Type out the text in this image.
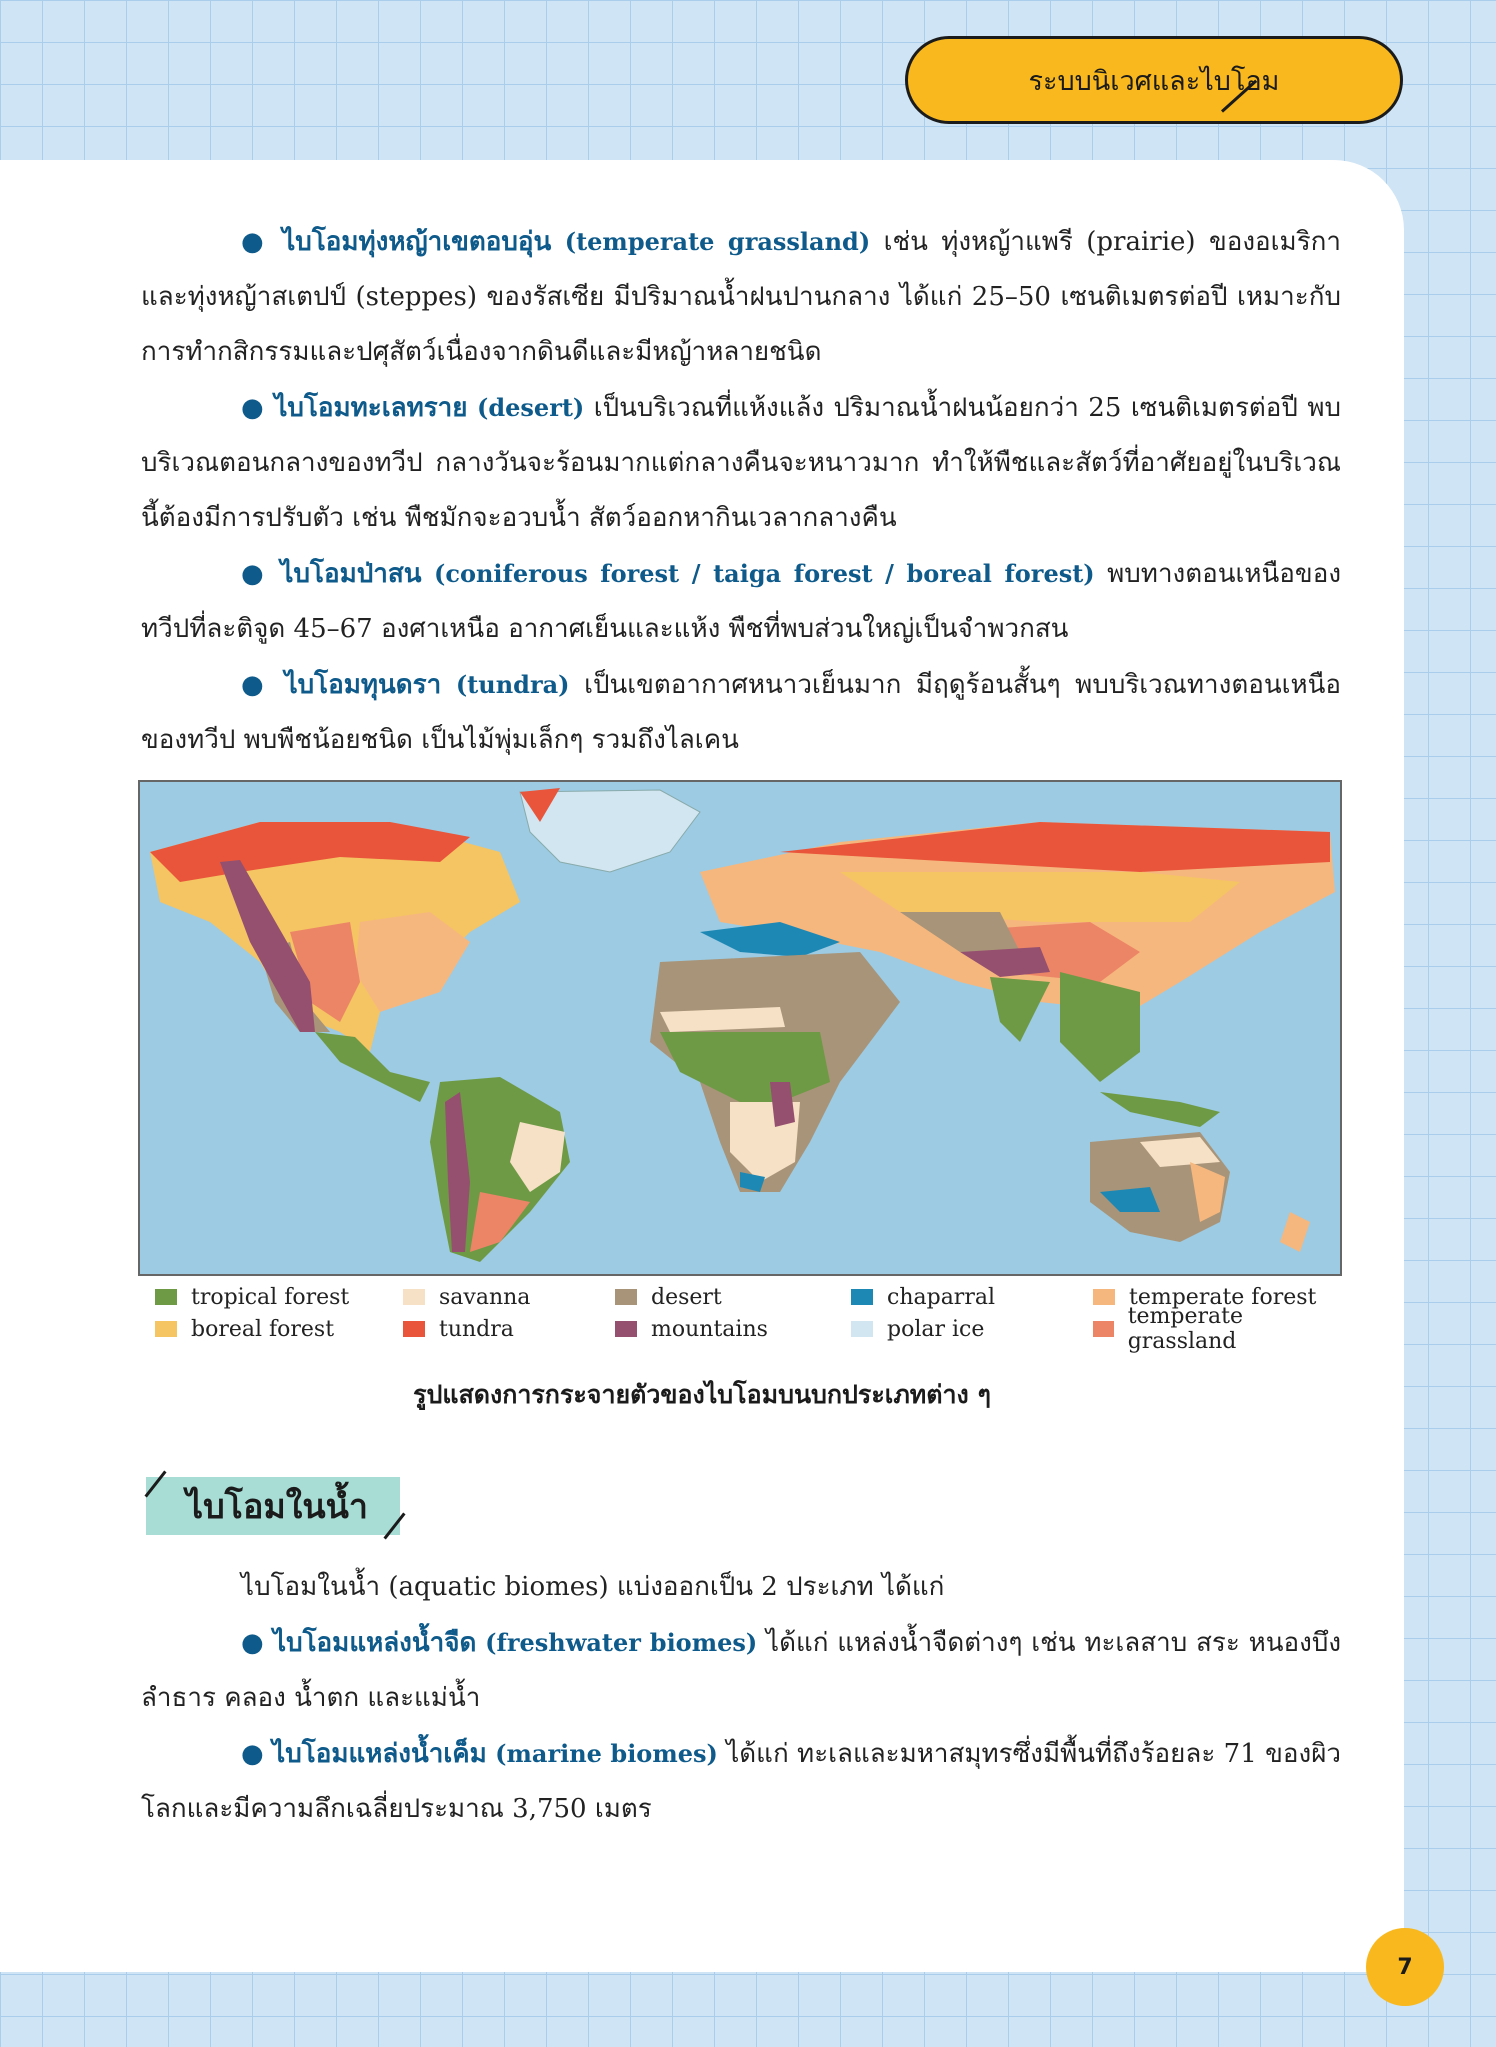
ระบบนิเวศและไบโอม

● ไบโอมทุ่งหญ้าเขตอบอุ่น (temperate grassland) เช่น ทุ่งหญ้าแพรี (prairie) ของอเมริกาและทุ่งหญ้าสเตปป์ (steppes) ของรัสเซีย มีปริมาณน้ำฝนปานกลาง ได้แก่ 25–50 เซนติเมตรต่อปี เหมาะกับการทำกสิกรรมและปศุสัตว์เนื่องจากดินดีและมีหญ้าหลายชนิด

● ไบโอมทะเลทราย (desert) เป็นบริเวณที่แห้งแล้ง ปริมาณน้ำฝนน้อยกว่า 25 เซนติเมตรต่อปี พบบริเวณตอนกลางของทวีป กลางวันจะร้อนมากแต่กลางคืนจะหนาวมาก ทำให้พืชและสัตว์ที่อาศัยอยู่ในบริเวณนี้ต้องมีการปรับตัว เช่น พืชมักจะอวบน้ำ สัตว์ออกหากินเวลากลางคืน

● ไบโอมป่าสน (coniferous forest / taiga forest / boreal forest) พบทางตอนเหนือของทวีปที่ละติจูด 45–67 องศาเหนือ อากาศเย็นและแห้ง พืชที่พบส่วนใหญ่เป็นจำพวกสน

● ไบโอมทุนดรา (tundra) เป็นเขตอากาศหนาวเย็นมาก มีฤดูร้อนสั้นๆ พบบริเวณทางตอนเหนือของทวีป พบพืชน้อยชนิด เป็นไม้พุ่มเล็กๆ รวมถึงไลเคน

tropical forest	savanna	desert	chaparral	temperate forest
boreal forest	tundra	mountains	polar ice	temperate grassland
รูปแสดงการกระจายตัวของไบโอมบนบกประเภทต่าง ๆ
ไบโอมในน้ำ

ไบโอมในน้ำ (aquatic biomes) แบ่งออกเป็น 2 ประเภท ได้แก่

● ไบโอมแหล่งน้ำจืด (freshwater biomes) ได้แก่ แหล่งน้ำจืดต่างๆ เช่น ทะเลสาบ สระ หนองบึง ลำธาร คลอง น้ำตก และแม่น้ำ

● ไบโอมแหล่งน้ำเค็ม (marine biomes) ได้แก่ ทะเลและมหาสมุทรซึ่งมีพื้นที่ถึงร้อยละ 71 ของผิวโลกและมีความลึกเฉลี่ยประมาณ 3,750 เมตร

7
